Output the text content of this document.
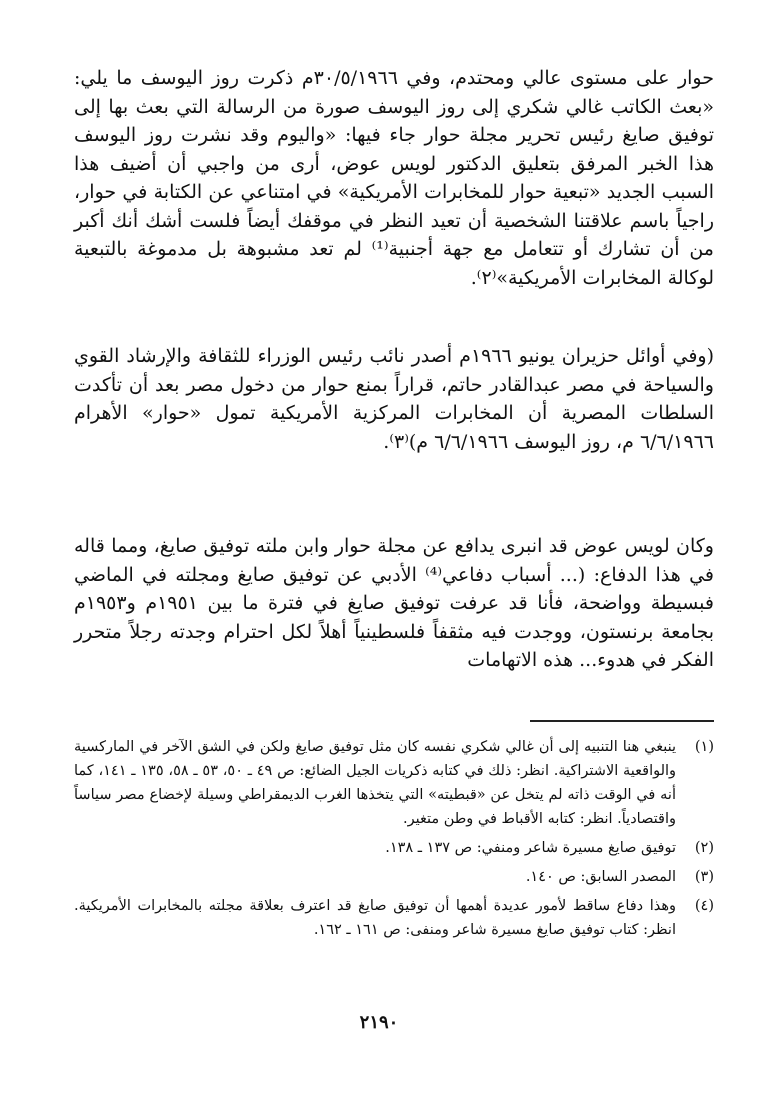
حوار على مستوى عالي ومحتدم، وفي ٣٠/٥/١٩٦٦م ذكرت روز اليوسف ما يلي: «بعث الكاتب غالي شكري إلى روز اليوسف صورة من الرسالة التي بعث بها إلى توفيق صايغ رئيس تحرير مجلة حوار جاء فيها: «واليوم وقد نشرت روز اليوسف هذا الخبر المرفق بتعليق الدكتور لويس عوض، أرى من واجبي أن أضيف هذا السبب الجديد «تبعية حوار للمخابرات الأمريكية» في امتناعي عن الكتابة في حوار، راجياً باسم علاقتنا الشخصية أن تعيد النظر في موقفك أيضاً فلست أشك أنك أكبر من أن تشارك أو تتعامل مع جهة أجنبية⁽¹⁾ لم تعد مشبوهة بل مدموغة بالتبعية لوكالة المخابرات الأمريكية»⁽٢⁾.

(وفي أوائل حزيران يونيو ١٩٦٦م أصدر نائب رئيس الوزراء للثقافة والإرشاد القوي والسياحة في مصر عبدالقادر حاتم، قراراً بمنع حوار من دخول مصر بعد أن تأكدت السلطات المصرية أن المخابرات المركزية الأمريكية تمول «حوار» الأهرام ٦/٦/١٩٦٦ م، روز اليوسف ٦/٦/١٩٦٦ م)⁽٣⁾.

وكان لويس عوض قد انبرى يدافع عن مجلة حوار وابن ملته توفيق صايغ، ومما قاله في هذا الدفاع: (... أسباب دفاعي⁽⁴⁾ الأدبي عن توفيق صايغ ومجلته في الماضي فبسيطة وواضحة، فأنا قد عرفت توفيق صايغ في فترة ما بين ١٩٥١م و١٩٥٣م بجامعة برنستون، ووجدت فيه مثقفاً فلسطينياً أهلاً لكل احترام وجدته رجلاً متحرر الفكر في هدوء... هذه الاتهامات

(١)
ينبغي هنا التنبيه إلى أن غالي شكري نفسه كان مثل توفيق صايغ ولكن في الشق الآخر في الماركسية والواقعية الاشتراكية. انظر: ذلك في كتابه ذكريات الجيل الضائع: ص ٤٩ ـ ٥٠، ٥٣ ـ ٥٨، ١٣٥ ـ ١٤١، كما أنه في الوقت ذاته لم يتخل عن «قبطيته» التي يتخذها الغرب الديمقراطي وسيلة لإخضاع مصر سياساً واقتصادياً. انظر: كتابه الأقباط في وطن متغير.
(٢)
توفيق صايغ مسيرة شاعر ومنفي: ص ١٣٧ ـ ١٣٨.
(٣)
المصدر السابق: ص ١٤٠.
(٤)
وهذا دفاع ساقط لأمور عديدة أهمها أن توفيق صايغ قد اعترف بعلاقة مجلته بالمخابرات الأمريكية. انظر: كتاب توفيق صايغ مسيرة شاعر ومنفى: ص ١٦١ ـ ١٦٢.
٢١٩٠
